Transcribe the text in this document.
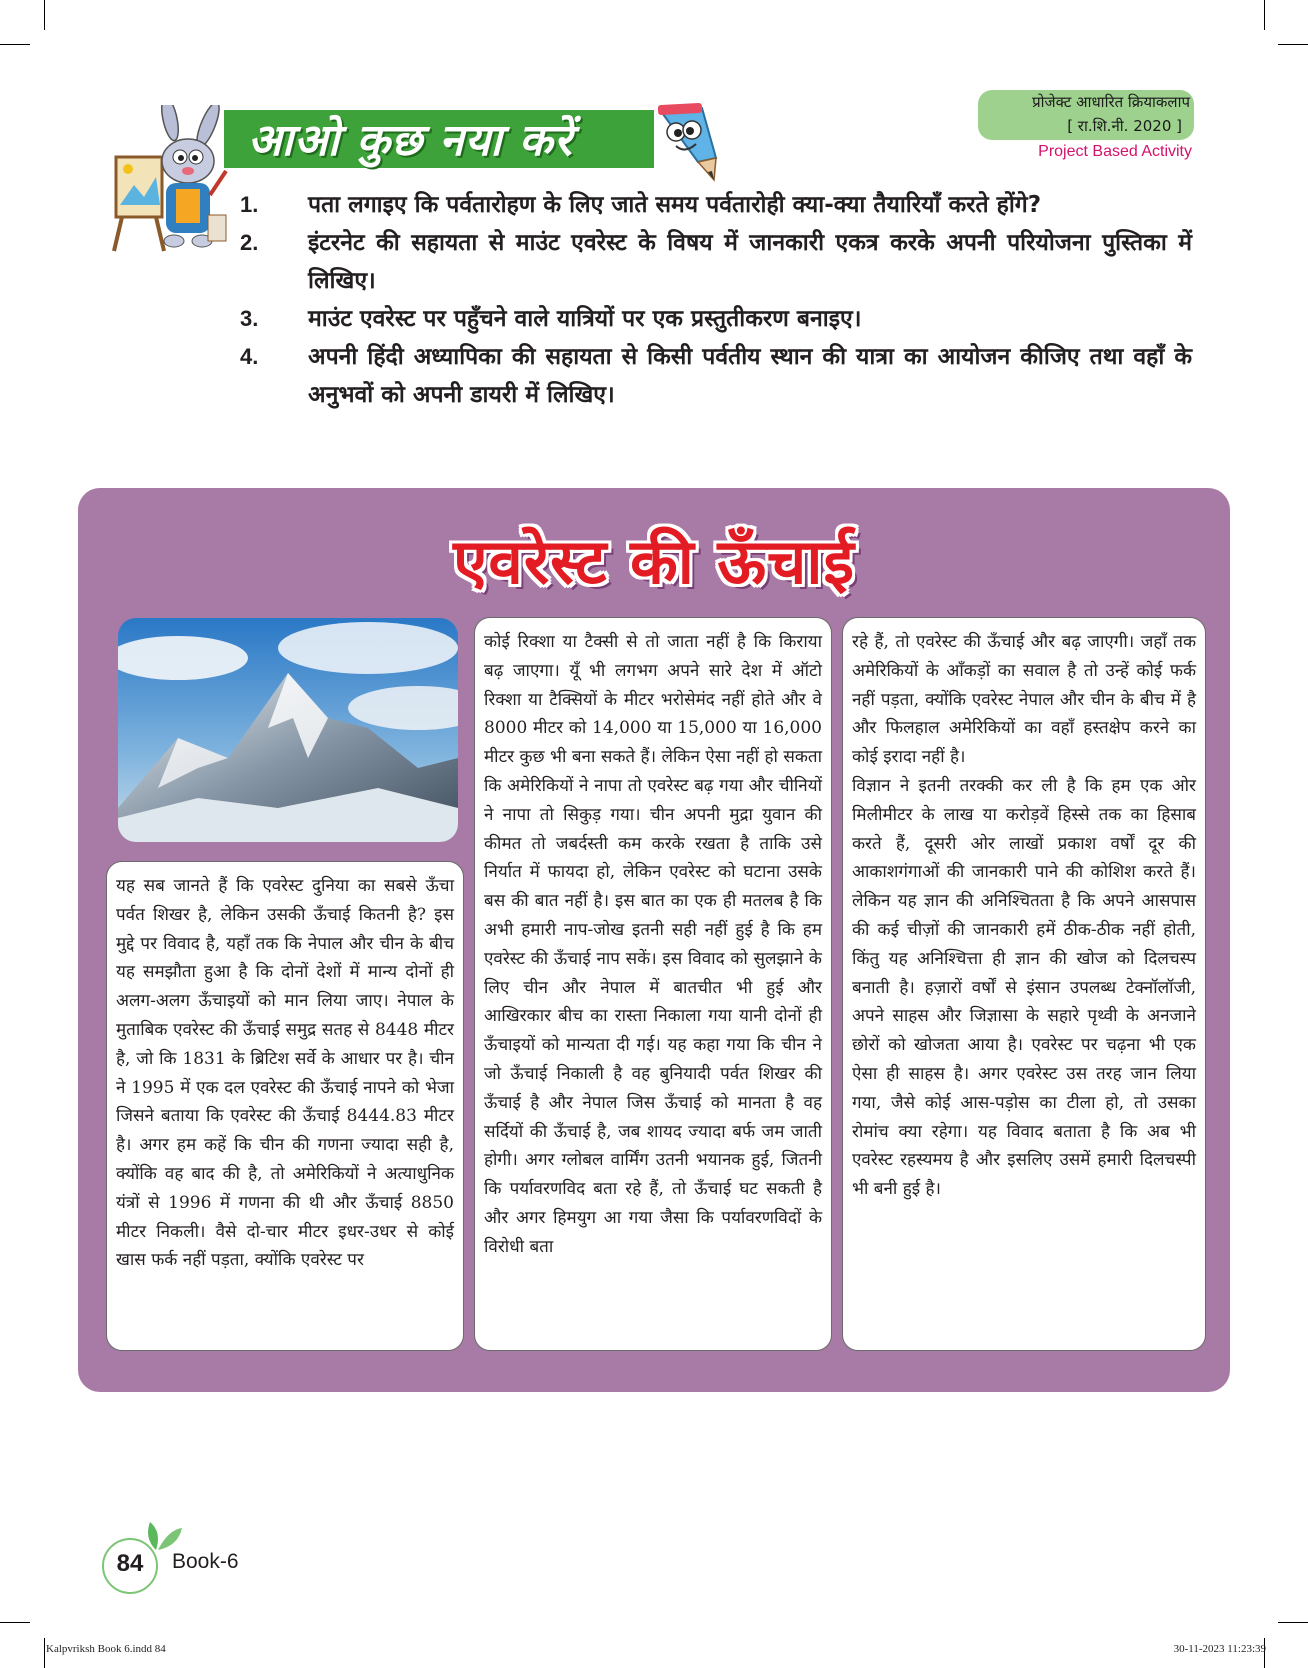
आओ कुछ नया करें
प्रोजेक्ट आधारित क्रियाकलाप
[ रा.शि.नी. 2020 ]
Project Based Activity
1.	पता लगाइए कि पर्वतारोहण के लिए जाते समय पर्वतारोही क्या-क्या तैयारियाँ करते होंगे?
2.	इंटरनेट की सहायता से माउंट एवरेस्ट के विषय में जानकारी एकत्र करके अपनी परियोजना पुस्तिका में लिखिए।
3.	माउंट एवरेस्ट पर पहुँचने वाले यात्रियों पर एक प्रस्तुतीकरण बनाइए।
4.	अपनी हिंदी अध्यापिका की सहायता से किसी पर्वतीय स्थान की यात्रा का आयोजन कीजिए तथा वहाँ के अनुभवों को अपनी डायरी में लिखिए।
एवरेस्ट की ऊँचाई

यह सब जानते हैं कि एवरेस्ट दुनिया का सबसे ऊँचा पर्वत शिखर है, लेकिन उसकी ऊँचाई कितनी है? इस मुद्दे पर विवाद है, यहाँ तक कि नेपाल और चीन के बीच यह समझौता हुआ है कि दोनों देशों में मान्य दोनों ही अलग-अलग ऊँचाइयों को मान लिया जाए। नेपाल के मुताबिक एवरेस्ट की ऊँचाई समुद्र सतह से 8448 मीटर है, जो कि 1831 के ब्रिटिश सर्वे के आधार पर है। चीन ने 1995 में एक दल एवरेस्ट की ऊँचाई नापने को भेजा जिसने बताया कि एवरेस्ट की ऊँचाई 8444.83 मीटर है। अगर हम कहें कि चीन की गणना ज्यादा सही है, क्योंकि वह बाद की है, तो अमेरिकियों ने अत्याधुनिक यंत्रों से 1996 में गणना की थी और ऊँचाई 8850 मीटर निकली। वैसे दो-चार मीटर इधर-उधर से कोई खास फर्क नहीं पड़ता, क्योंकि एवरेस्ट पर

कोई रिक्शा या टैक्सी से तो जाता नहीं है कि किराया बढ़ जाएगा। यूँ भी लगभग अपने सारे देश में ऑटो रिक्शा या टैक्सियों के मीटर भरोसेमंद नहीं होते और वे 8000 मीटर को 14,000 या 15,000 या 16,000 मीटर कुछ भी बना सकते हैं। लेकिन ऐसा नहीं हो सकता कि अमेरिकियों ने नापा तो एवरेस्ट बढ़ गया और चीनियों ने नापा तो सिकुड़ गया। चीन अपनी मुद्रा युवान की कीमत तो जबर्दस्ती कम करके रखता है ताकि उसे निर्यात में फायदा हो, लेकिन एवरेस्ट को घटाना उसके बस की बात नहीं है। इस बात का एक ही मतलब है कि अभी हमारी नाप-जोख इतनी सही नहीं हुई है कि हम एवरेस्ट की ऊँचाई नाप सकें। इस विवाद को सुलझाने के लिए चीन और नेपाल में बातचीत भी हुई और आखिरकार बीच का रास्ता निकाला गया यानी दोनों ही ऊँचाइयों को मान्यता दी गई। यह कहा गया कि चीन ने जो ऊँचाई निकाली है वह बुनियादी पर्वत शिखर की ऊँचाई है और नेपाल जिस ऊँचाई को मानता है वह सर्दियों की ऊँचाई है, जब शायद ज्यादा बर्फ जम जाती होगी। अगर ग्लोबल वार्मिंग उतनी भयानक हुई, जितनी कि पर्यावरणविद बता रहे हैं, तो ऊँचाई घट सकती है और अगर हिमयुग आ गया जैसा कि पर्यावरणविदों के विरोधी बता

रहे हैं, तो एवरेस्ट की ऊँचाई और बढ़ जाएगी। जहाँ तक अमेरिकियों के आँकड़ों का सवाल है तो उन्हें कोई फर्क नहीं पड़ता, क्योंकि एवरेस्ट नेपाल और चीन के बीच में है और फिलहाल अमेरिकियों का वहाँ हस्तक्षेप करने का कोई इरादा नहीं है।

विज्ञान ने इतनी तरक्की कर ली है कि हम एक ओर मिलीमीटर के लाख या करोड़वें हिस्से तक का हिसाब करते हैं, दूसरी ओर लाखों प्रकाश वर्षों दूर की आकाशगंगाओं की जानकारी पाने की कोशिश करते हैं। लेकिन यह ज्ञान की अनिश्चितता है कि अपने आसपास की कई चीज़ों की जानकारी हमें ठीक-ठीक नहीं होती, किंतु यह अनिश्चित्ता ही ज्ञान की खोज को दिलचस्प बनाती है। हज़ारों वर्षों से इंसान उपलब्ध टेक्नॉलॉजी, अपने साहस और जिज्ञासा के सहारे पृथ्वी के अनजाने छोरों को खोजता आया है। एवरेस्ट पर चढ़ना भी एक ऐसा ही साहस है। अगर एवरेस्ट उस तरह जान लिया गया, जैसे कोई आस-पड़ोस का टीला हो, तो उसका रोमांच क्या रहेगा। यह विवाद बताता है कि अब भी एवरेस्ट रहस्यमय है और इसलिए उसमें हमारी दिलचस्पी भी बनी हुई है।

84	Book-6
Kalpvriksh Book 6.indd 84	30-11-2023 11:23:39
